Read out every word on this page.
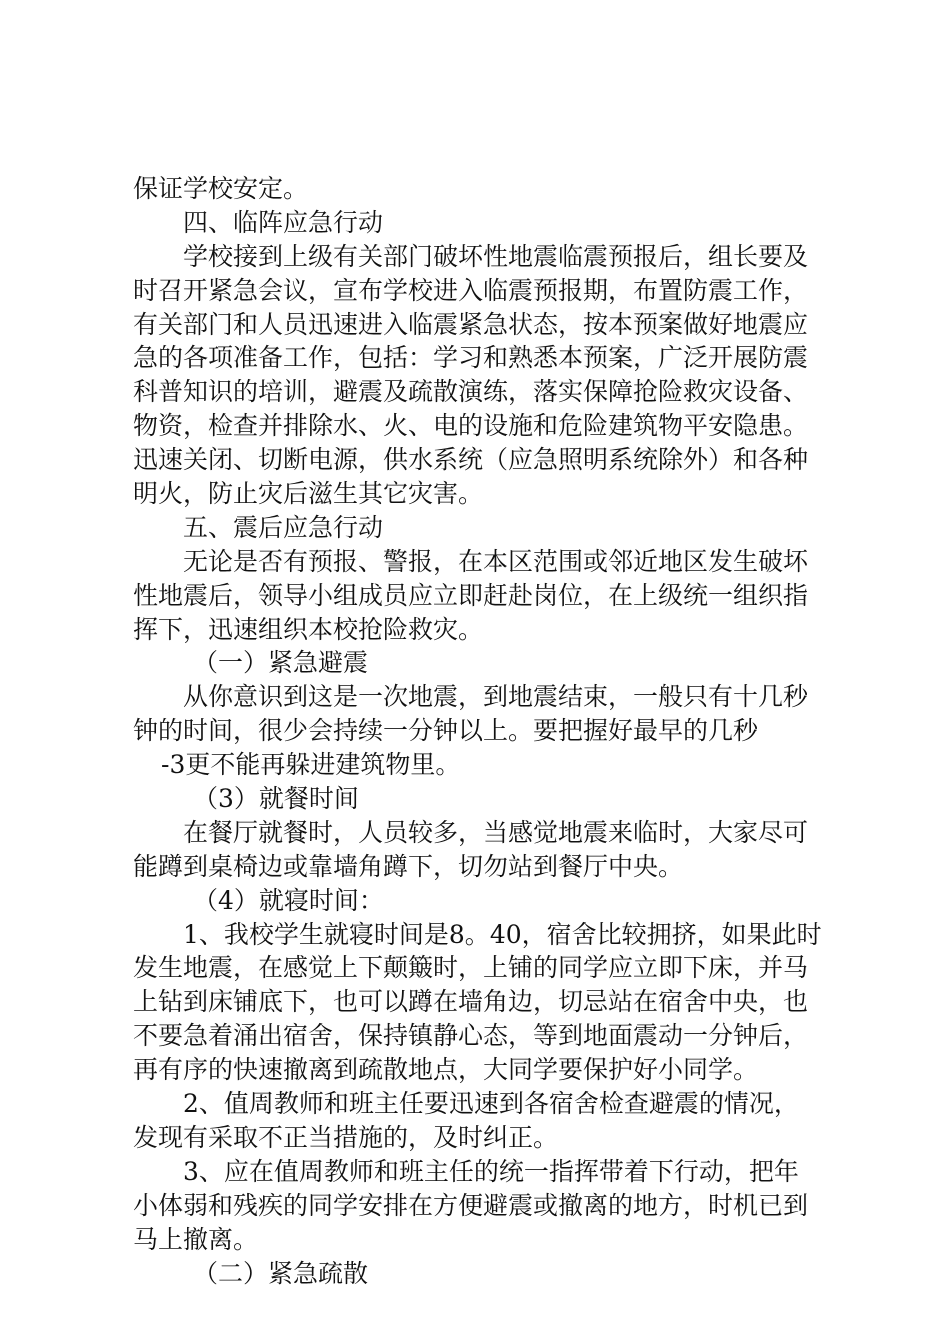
保证学校安定。
四、临阵应急行动
学校接到上级有关部门破坏性地震临震预报后，组长要及
时召开紧急会议，宣布学校进入临震预报期，布置防震工作，
有关部门和人员迅速进入临震紧急状态，按本预案做好地震应
急的各项准备工作，包括：学习和熟悉本预案，广泛开展防震
科普知识的培训，避震及疏散演练，落实保障抢险救灾设备、
物资，检查并排除水、火、电的设施和危险建筑物平安隐患。
迅速关闭、切断电源，供水系统（应急照明系统除外）和各种
明火，防止灾后滋生其它灾害。
五、震后应急行动
无论是否有预报、警报，在本区范围或邻近地区发生破坏
性地震后，领导小组成员应立即赶赴岗位，在上级统一组织指
挥下，迅速组织本校抢险救灾。
（一）紧急避震
从你意识到这是一次地震，到地震结束，一般只有十几秒
钟的时间，很少会持续一分钟以上。要把握好最早的几秒
-3更不能再躲进建筑物里。
（3）就餐时间
在餐厅就餐时，人员较多，当感觉地震来临时，大家尽可
能蹲到桌椅边或靠墙角蹲下，切勿站到餐厅中央。
（4）就寝时间：
1、我校学生就寝时间是8。40，宿舍比较拥挤，如果此时
发生地震，在感觉上下颠簸时，上铺的同学应立即下床，并马
上钻到床铺底下，也可以蹲在墙角边，切忌站在宿舍中央，也
不要急着涌出宿舍，保持镇静心态，等到地面震动一分钟后，
再有序的快速撤离到疏散地点，大同学要保护好小同学。
2、值周教师和班主任要迅速到各宿舍检查避震的情况，
发现有采取不正当措施的，及时纠正。
3、应在值周教师和班主任的统一指挥带着下行动，把年
小体弱和残疾的同学安排在方便避震或撤离的地方，时机已到
马上撤离。
（二）紧急疏散
